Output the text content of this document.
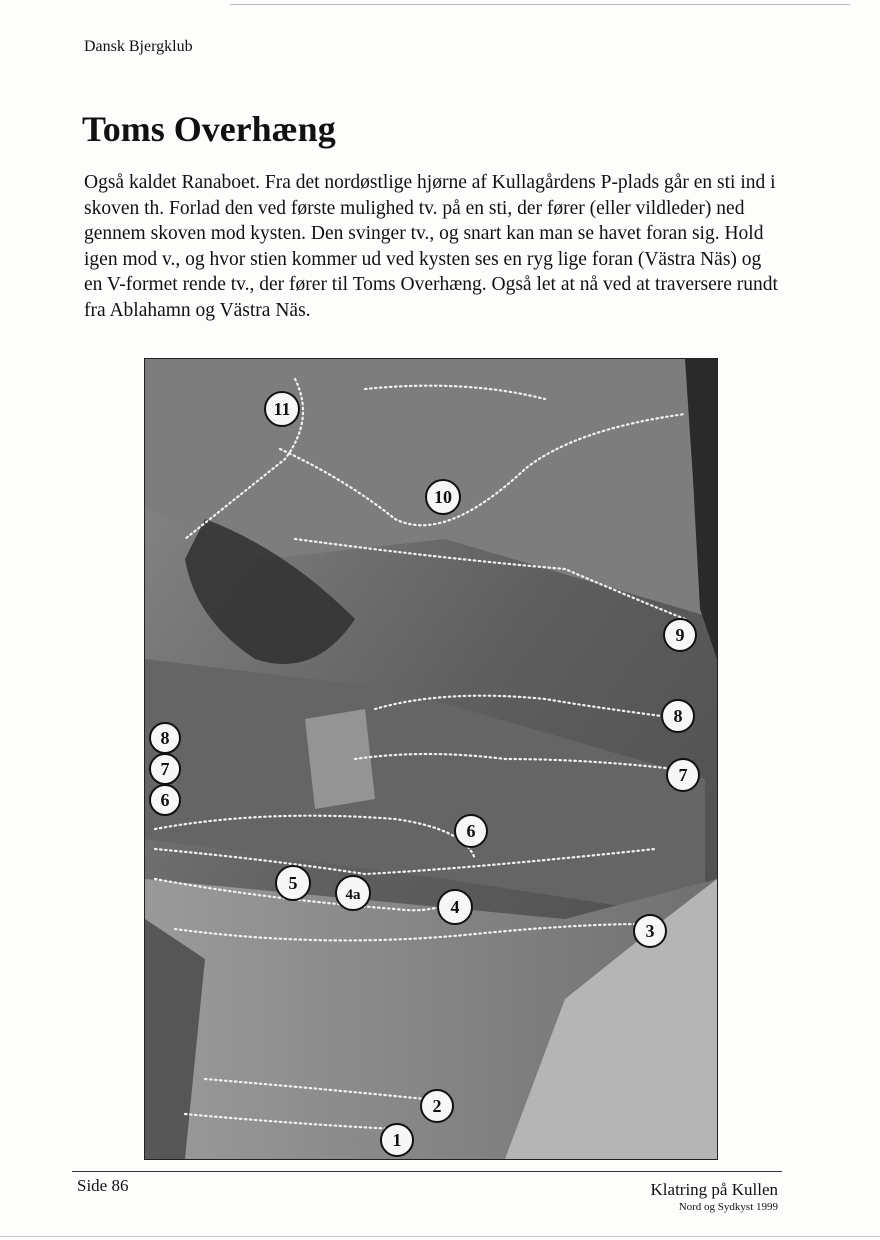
Dansk Bjergklub
Toms Overhæng

Også kaldet Ranaboet. Fra det nordøstlige hjørne af Kullagårdens P-plads går en sti ind i skoven th. Forlad den ved første mulighed tv. på en sti, der fører (eller vildleder) ned gennem skoven mod kysten. Den svinger tv., og snart kan man se havet foran sig. Hold igen mod v., og hvor stien kommer ud ved kysten ses en ryg lige foran (Västra Näs) og en V-formet rende tv., der fører til Toms Overhæng. Også let at nå ved at traversere rundt fra Ablahamn og Västra Näs.

11
10
9
8
7
6
5
4a
4
3
2
1
6
7
8
Side 86	Klatring på Kullen
Nord og Sydkyst 1999
